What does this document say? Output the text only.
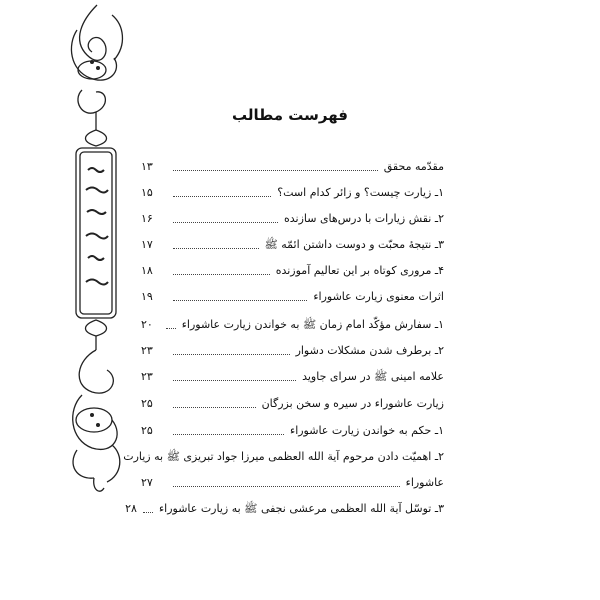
فهرست مطالب
مقدّمه محقق
۱۳
۱ـ زیارت چیست؟ و زائر کدام است؟
۱۵
۲ـ نقش زیارات با درس‌های سازنده
۱۶
۳ـ نتیجهٔ محبّت و دوست داشتن ائمّه ﷺ
۱۷
۴ـ مروری کوتاه بر این تعالیم آموزنده
۱۸
اثرات معنوی زیارت عاشوراء
۱۹
۱ـ سفارش مؤکّد امام زمان ﷺ به خواندن زیارت عاشوراء
۲۰
۲ـ برطرف شدن مشکلات دشوار
۲۳
علامه امینی ﷺ در سرای جاوید
۲۳
زیارت عاشوراء در سیره و سخن بزرگان
۲۵
۱ـ حکم به خواندن زیارت عاشوراء
۲۵
۲ـ اهمیّت دادن مرحوم آیة الله العظمی میرزا جواد تبریزی ﷺ به زیارت
عاشوراء
۲۷
۳ـ توسّل آیة الله العظمی مرعشی نجفی ﷺ به زیارت عاشوراء
۲۸
